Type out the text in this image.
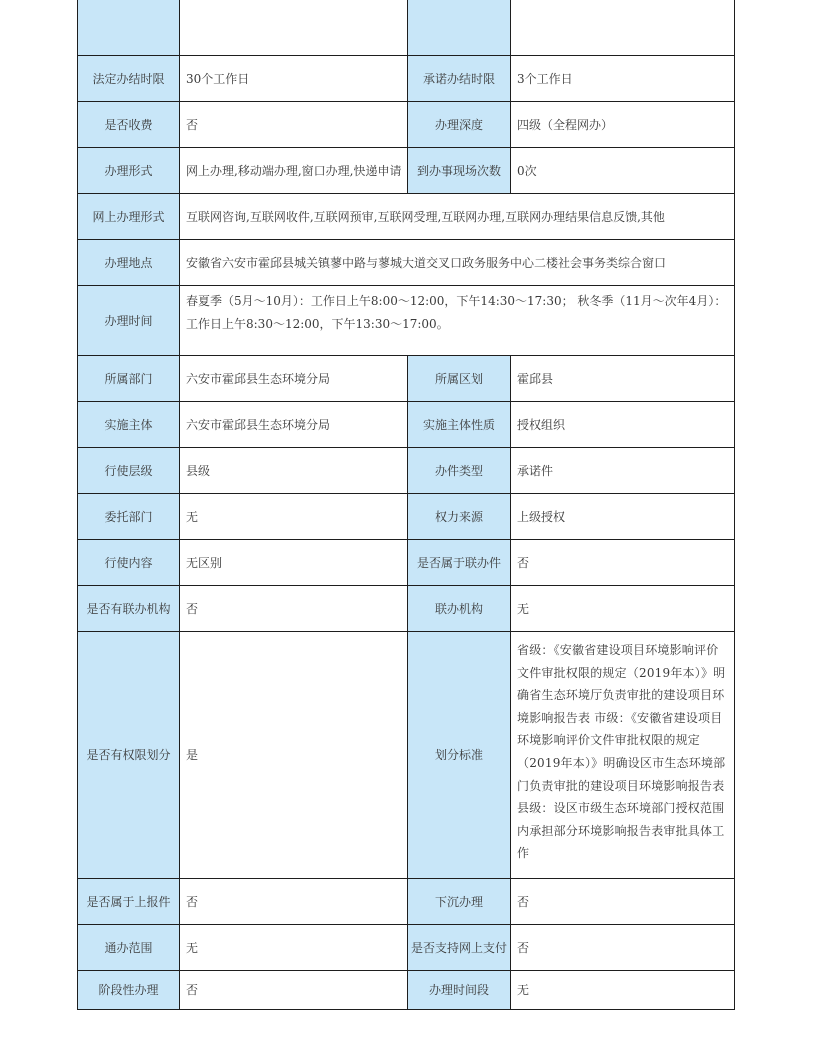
法定办结时限	30个工作日	承诺办结时限	3个工作日
是否收费	否	办理深度	四级（全程网办）
办理形式	网上办理,移动端办理,窗口办理,快递申请	到办事现场次数	0次
网上办理形式	互联网咨询,互联网收件,互联网预审,互联网受理,互联网办理,互联网办理结果信息反馈,其他
办理地点	安徽省六安市霍邱县城关镇蓼中路与蓼城大道交叉口政务服务中心二楼社会事务类综合窗口
办理时间
春夏季（5月～10月）：工作日上午8:00～12:00，下午14:30～17:30； 秋冬季（11月～次年4月）：工作日上午8:30～12:00，下午13:30～17:00。
所属部门	六安市霍邱县生态环境分局	所属区划	霍邱县
实施主体	六安市霍邱县生态环境分局	实施主体性质	授权组织
行使层级	县级	办件类型	承诺件
委托部门	无	权力来源	上级授权
行使内容	无区别	是否属于联办件	否
是否有联办机构	否	联办机构	无
是否有权限划分	是	划分标准
省级：《安徽省建设项目环境影响评价文件审批权限的规定（2019年本）》明确省生态环境厅负责审批的建设项目环境影响报告表 市级：《安徽省建设项目环境影响评价文件审批权限的规定（2019年本）》明确设区市生态环境部门负责审批的建设项目环境影响报告表 县级：设区市级生态环境部门授权范围内承担部分环境影响报告表审批具体工作
是否属于上报件	否	下沉办理	否
通办范围	无	是否支持网上支付 否
阶段性办理	否	办理时间段	无
